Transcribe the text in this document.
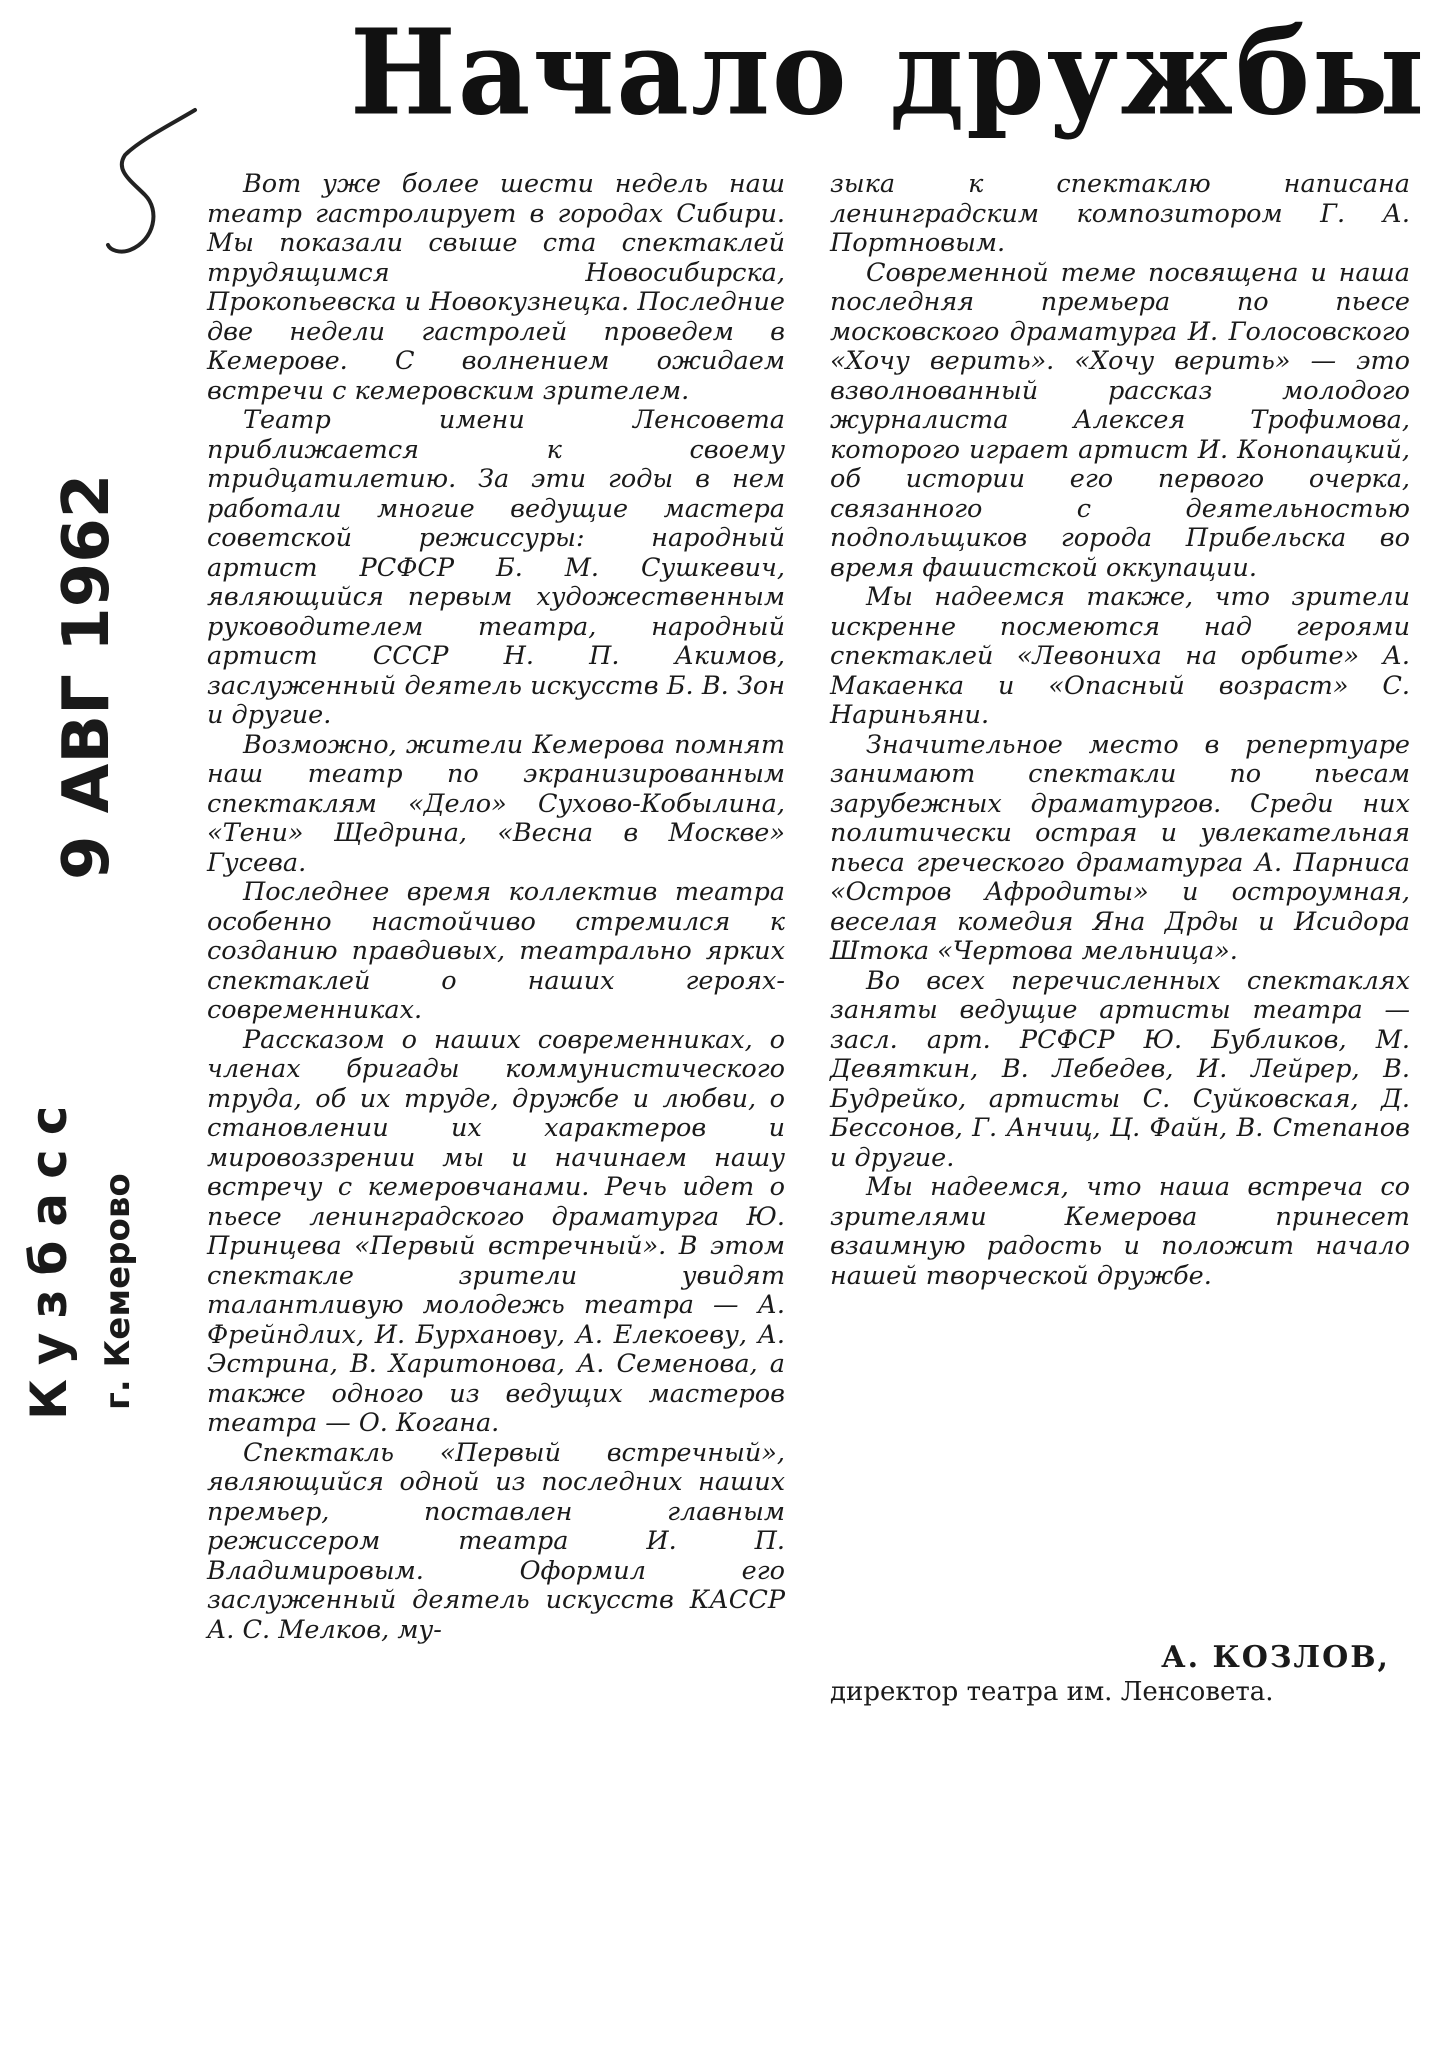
Начало дружбы
Кузбасс г. Кемерово
9 АВГ 1962

Вот уже более шести недель наш театр гастролирует в городах Сибири. Мы показали свыше ста спектаклей трудящимся Новосибирска, Прокопьевска и Новокузнецка. Последние две недели гастролей проведем в Кемерове. С волнением ожидаем встречи с кемеровским зрителем.

Театр имени Ленсовета приближается к своему тридцатилетию. За эти годы в нем работали многие ведущие мастера советской режиссуры: народный артист РСФСР Б. М. Сушкевич, являющийся первым художественным руководителем театра, народный артист СССР Н. П. Акимов, заслуженный деятель искусств Б. В. Зон и другие.

Возможно, жители Кемерова помнят наш театр по экранизированным спектаклям «Дело» Сухово-Кобылина, «Тени» Щедрина, «Весна в Москве» Гусева.

Последнее время коллектив театра особенно настойчиво стремился к созданию правдивых, театрально ярких спектаклей о наших героях-современниках.

Рассказом о наших современниках, о членах бригады коммунистического труда, об их труде, дружбе и любви, о становлении их характеров и мировоззрении мы и начинаем нашу встречу с кемеровчанами. Речь идет о пьесе ленинградского драматурга Ю. Принцева «Первый встречный». В этом спектакле зрители увидят талантливую молодежь театра — А. Фрейндлих, И. Бурханову, А. Елекоеву, А. Эстрина, В. Харитонова, А. Семенова, а также одного из ведущих мастеров театра — О. Когана.

Спектакль «Первый встречный», являющийся одной из последних наших премьер, поставлен главным режиссером театра И. П. Владимировым. Оформил его заслуженный деятель искусств КАССР А. С. Мелков, му-

зыка к спектаклю написана ленинградским композитором Г. А. Портновым.

Современной теме посвящена и наша последняя премьера по пьесе московского драматурга И. Голосовского «Хочу верить». «Хочу верить» — это взволнованный рассказ молодого журналиста Алексея Трофимова, которого играет артист И. Конопацкий, об истории его первого очерка, связанного с деятельностью подпольщиков города Прибельска во время фашистской оккупации.

Мы надеемся также, что зрители искренне посмеются над героями спектаклей «Левониха на орбите» А. Макаенка и «Опасный возраст» С. Нариньяни.

Значительное место в репертуаре занимают спектакли по пьесам зарубежных драматургов. Среди них политически острая и увлекательная пьеса греческого драматурга А. Парниса «Остров Афродиты» и остроумная, веселая комедия Яна Дрды и Исидора Штока «Чертова мельница».

Во всех перечисленных спектаклях заняты ведущие артисты театра — засл. арт. РСФСР Ю. Бубликов, М. Девяткин, В. Лебедев, И. Лейрер, В. Будрейко, артисты С. Суйковская, Д. Бессонов, Г. Анчиц, Ц. Файн, В. Степанов и другие.

Мы надеемся, что наша встреча со зрителями Кемерова принесет взаимную радость и положит начало нашей творческой дружбе.

А. КОЗЛОВ,
директор театра им. Ленсовета.
